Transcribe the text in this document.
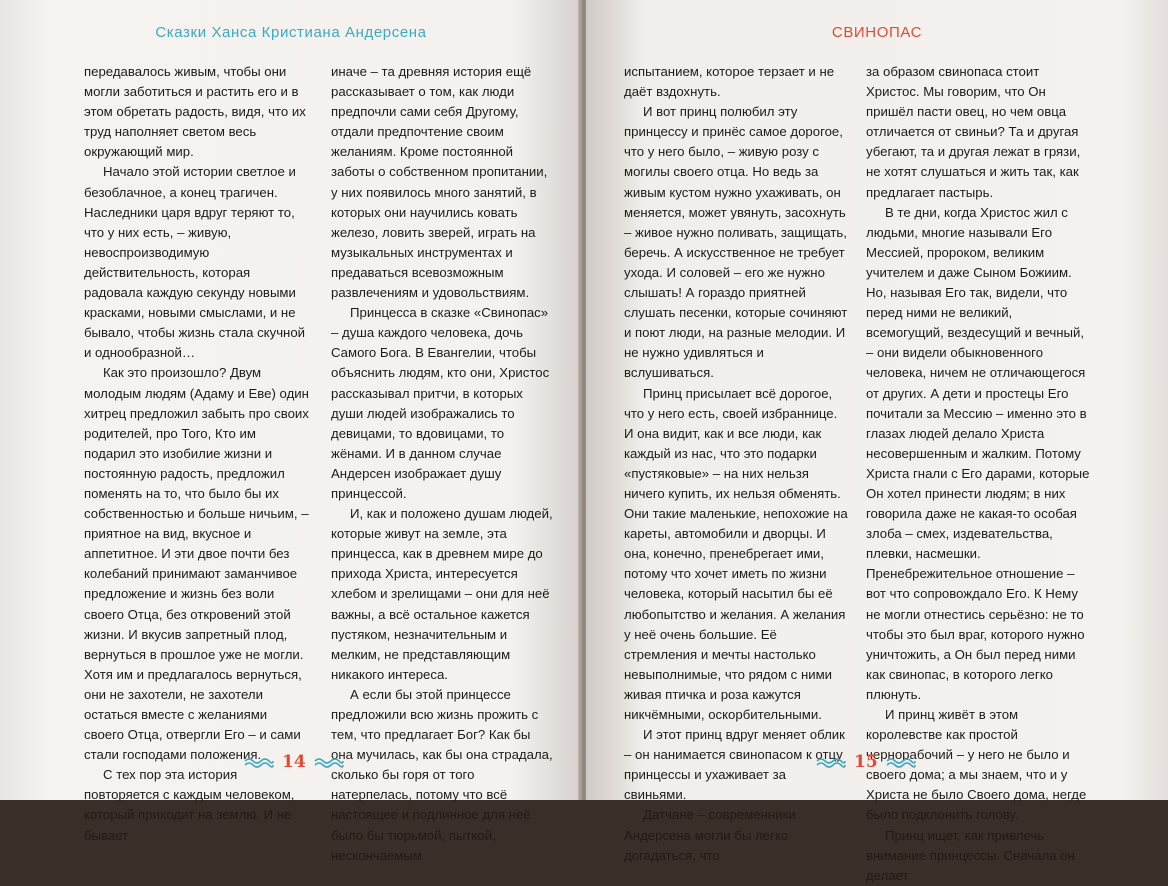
Сказки Ханса Кристиана Андерсена

передавалось живым, чтобы они могли заботиться и растить его и в этом обретать радость, видя, что их труд наполняет светом весь окружающий мир.

Начало этой истории светлое и безоблачное, а конец трагичен. Наследники царя вдруг теряют то, что у них есть, – живую, невоспроизводимую действительность, которая радовала каждую секунду новыми красками, новыми смыслами, и не бывало, чтобы жизнь стала скучной и однообразной…

Как это произошло? Двум молодым людям (Адаму и Еве) один хитрец предложил забыть про своих родителей, про Того, Кто им подарил это изобилие жизни и постоянную радость, предложил поменять на то, что было бы их собственностью и больше ничьим, – приятное на вид, вкусное и аппетитное. И эти двое почти без колебаний принимают заманчивое предложение и жизнь без воли своего Отца, без откровений этой жизни. И вкусив запретный плод, вернуться в прошлое уже не могли. Хотя им и предлагалось вернуться, они не захотели, не захотели остаться вместе с желаниями своего Отца, отвергли Его – и сами стали господами положения.

С тех пор эта история повторяется с каждым человеком, который приходит на землю. И не бывает

иначе – та древняя история ещё рассказывает о том, как люди предпочли сами себя Другому, отдали предпочтение своим желаниям. Кроме постоянной заботы о собственном пропитании, у них появилось много занятий, в которых они научились ковать железо, ловить зверей, играть на музыкальных инструментах и предаваться всевозможным развлечениям и удовольствиям.

Принцесса в сказке «Свинопас» – душа каждого человека, дочь Самого Бога. В Евангелии, чтобы объяснить людям, кто они, Христос рассказывал притчи, в которых души людей изображались то девицами, то вдовицами, то жёнами. И в данном случае Андерсен изображает душу принцессой.

И, как и положено душам людей, которые живут на земле, эта принцесса, как в древнем мире до прихода Христа, интересуется хлебом и зрелищами – они для неё важны, а всё остальное кажется пустяком, незначительным и мелким, не представляющим никакого интереса.

А если бы этой принцессе предложили всю жизнь прожить с тем, что предлагает Бог? Как бы она мучилась, как бы она страдала, сколько бы горя от того натерпелась, потому что всё настоящее и подлинное для неё было бы тюрьмой, пыткой, нескончаемым

14
СВИНОПАС

испытанием, которое терзает и не даёт вздохнуть.

И вот принц полюбил эту принцессу и принёс самое дорогое, что у него было, – живую розу с могилы своего отца. Но ведь за живым кустом нужно ухаживать, он меняется, может увянуть, засохнуть – живое нужно поливать, защищать, беречь. А искусственное не требует ухода. И соловей – его же нужно слышать! А гораздо приятней слушать песенки, которые сочиняют и поют люди, на разные мелодии. И не нужно удивляться и вслушиваться.

Принц присылает всё дорогое, что у него есть, своей избраннице. И она видит, как и все люди, как каждый из нас, что это подарки «пустяковые» – на них нельзя ничего купить, их нельзя обменять. Они такие маленькие, непохожие на кареты, автомобили и дворцы. И она, конечно, пренебрегает ими, потому что хочет иметь по жизни человека, который насытил бы её любопытство и желания. А желания у неё очень большие. Её стремления и мечты настолько невыполнимые, что рядом с ними живая птичка и роза кажутся никчёмными, оскорбительными.

И этот принц вдруг меняет облик – он нанимается свинопасом к отцу принцессы и ухаживает за свиньями.

Датчане – современники Андерсена могли бы легко догадаться, что

за образом свинопаса стоит Христос. Мы говорим, что Он пришёл пасти овец, но чем овца отличается от свиньи? Та и другая убегают, та и другая лежат в грязи, не хотят слушаться и жить так, как предлагает пастырь.

В те дни, когда Христос жил с людьми, многие называли Его Мессией, пророком, великим учителем и даже Сыном Божиим. Но, называя Его так, видели, что перед ними не великий, всемогущий, вездесущий и вечный, – они видели обыкновенного человека, ничем не отличающегося от других. А дети и простецы Его почитали за Мессию – именно это в глазах людей делало Христа несовершенным и жалким. Потому Христа гнали с Его дарами, которые Он хотел принести людям; в них говорила даже не какая-то особая злоба – смех, издевательства, плевки, насмешки. Пренебрежительное отношение – вот что сопровождало Его. К Нему не могли отнестись серьёзно: не то чтобы это был враг, которого нужно уничтожить, а Он был перед ними как свинопас, в которого легко плюнуть.

И принц живёт в этом королевстве как простой чернорабочий – у него не было и своего дома; а мы знаем, что и у Христа не было Своего дома, негде было подклонить голову.

Принц ищет, как привлечь внимание принцессы. Сначала он делает

15
